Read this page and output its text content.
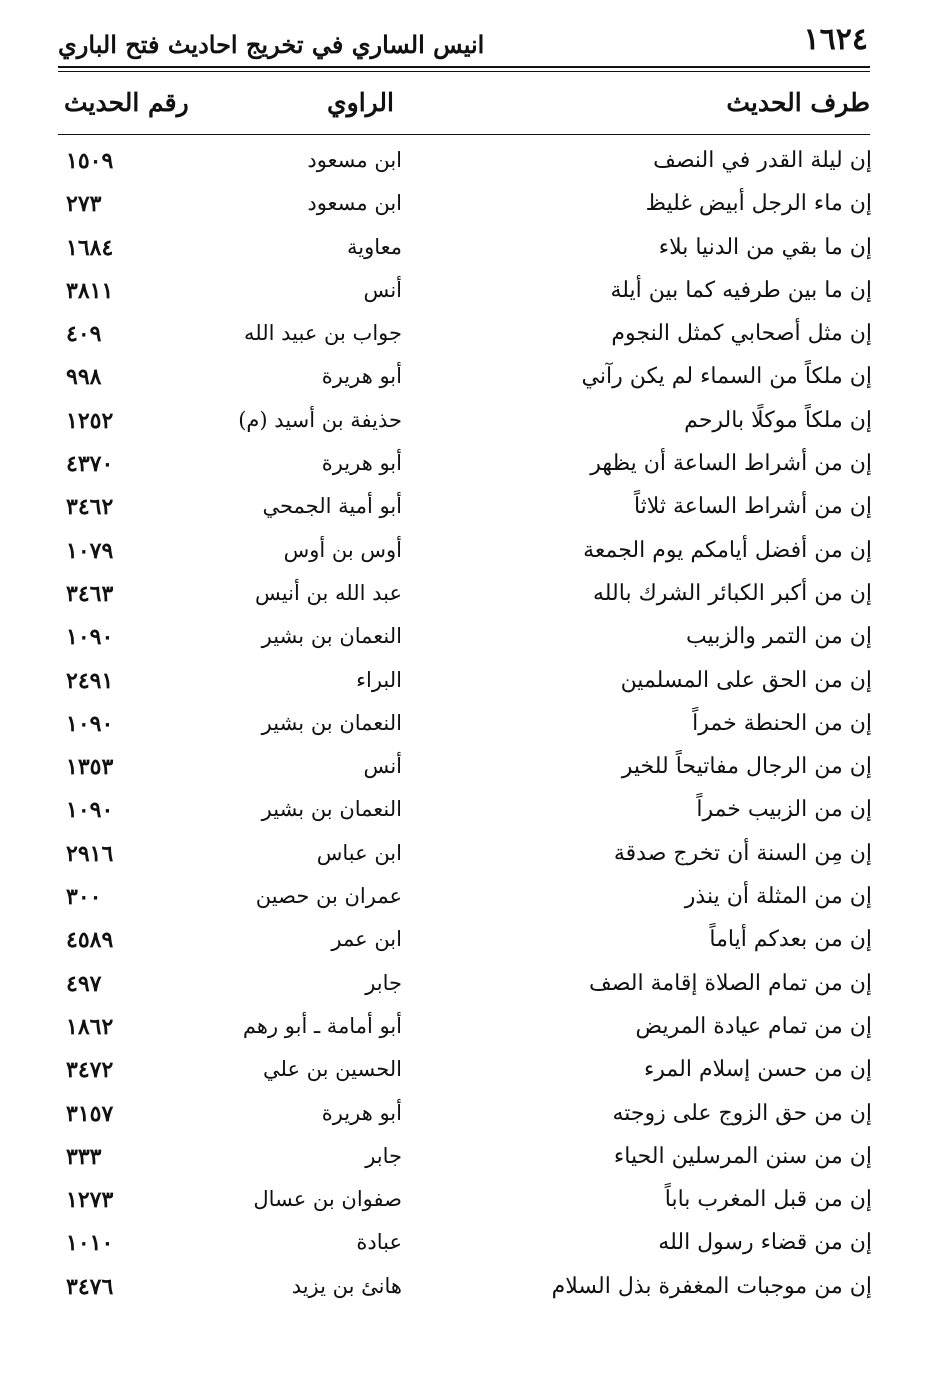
١٦٢٤
انيس الساري في تخريج احاديث فتح الباري
طرف الحديث
الراوي
رقم الحديث
إن ليلة القدر في النصف
ابن مسعود
١٥٠٩
إن ماء الرجل أبيض غليظ
ابن مسعود
٢٧٣
إن ما بقي من الدنيا بلاء
معاوية
١٦٨٤
إن ما بين طرفيه كما بين أيلة
أنس
٣٨١١
إن مثل أصحابي كمثل النجوم
جواب بن عبيد الله
٤٠٩
إن ملكاً من السماء لم يكن رآني
أبو هريرة
٩٩٨
إن ملكاً موكلًا بالرحم
حذيفة بن أسيد (م)
١٢٥٢
إن من أشراط الساعة أن يظهر
أبو هريرة
٤٣٧٠
إن من أشراط الساعة ثلاثاً
أبو أمية الجمحي
٣٤٦٢
إن من أفضل أيامكم يوم الجمعة
أوس بن أوس
١٠٧٩
إن من أكبر الكبائر الشرك بالله
عبد الله بن أنيس
٣٤٦٣
إن من التمر والزبيب
النعمان بن بشير
١٠٩٠
إن من الحق على المسلمين
البراء
٢٤٩١
إن من الحنطة خمراً
النعمان بن بشير
١٠٩٠
إن من الرجال مفاتيحاً للخير
أنس
١٣٥٣
إن من الزبيب خمراً
النعمان بن بشير
١٠٩٠
إن مِن السنة أن تخرج صدقة
ابن عباس
٢٩١٦
إن من المثلة أن ينذر
عمران بن حصين
٣٠٠
إن من بعدكم أياماً
ابن عمر
٤٥٨٩
إن من تمام الصلاة إقامة الصف
جابر
٤٩٧
إن من تمام عيادة المريض
أبو أمامة ـ أبو رهم
١٨٦٢
إن من حسن إسلام المرء
الحسين بن علي
٣٤٧٢
إن من حق الزوج على زوجته
أبو هريرة
٣١٥٧
إن من سنن المرسلين الحياء
جابر
٣٣٣
إن من قبل المغرب باباً
صفوان بن عسال
١٢٧٣
إن من قضاء رسول الله
عبادة
١٠١٠
إن من موجبات المغفرة بذل السلام
هانئ بن يزيد
٣٤٧٦
